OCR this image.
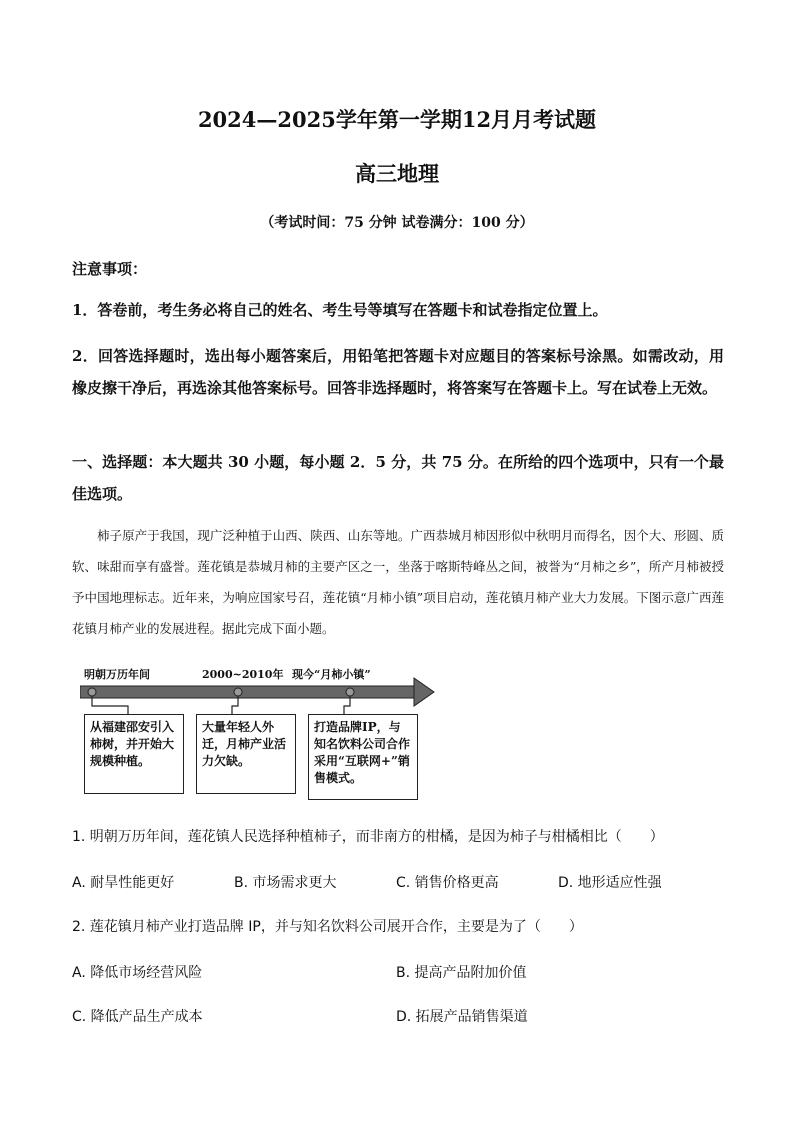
2024—2025学年第一学期12月月考试题
高三地理
（考试时间：75 分钟 试卷满分：100 分）
注意事项：
1．答卷前，考生务必将自己的姓名、考生号等填写在答题卡和试卷指定位置上。
2．回答选择题时，选出每小题答案后，用铅笔把答题卡对应题目的答案标号涂黑。如需改动，用橡皮擦干净后，再选涂其他答案标号。回答非选择题时，将答案写在答题卡上。写在试卷上无效。
一、选择题：本大题共 30 小题，每小题 2．5 分，共 75 分。在所给的四个选项中，只有一个最佳选项。
柿子原产于我国，现广泛种植于山西、陕西、山东等地。广西恭城月柿因形似中秋明月而得名，因个大、形圆、质软、味甜而享有盛誉。莲花镇是恭城月柿的主要产区之一，坐落于喀斯特峰丛之间，被誉为“月柿之乡”，所产月柿被授予中国地理标志。近年来，为响应国家号召，莲花镇“月柿小镇”项目启动，莲花镇月柿产业大力发展。下图示意广西莲花镇月柿产业的发展进程。据此完成下面小题。
明朝万历年间	2000~2010年 现今“月柿小镇”
从福建邵安引入柿树，并开始大规模种植。
大量年轻人外迁，月柿产业活力欠缺。
打造品牌IP，与知名饮料公司合作采用“互联网+”销售模式。
1. 明朝万历年间，莲花镇人民选择种植柿子，而非南方的柑橘，是因为柿子与柑橘相比（　　）
A. 耐旱性能更好	B. 市场需求更大	C. 销售价格更高	D. 地形适应性强
2. 莲花镇月柿产业打造品牌 IP，并与知名饮料公司展开合作，主要是为了（　　）
A. 降低市场经营风险	B. 提高产品附加价值
C. 降低产品生产成本	D. 拓展产品销售渠道
